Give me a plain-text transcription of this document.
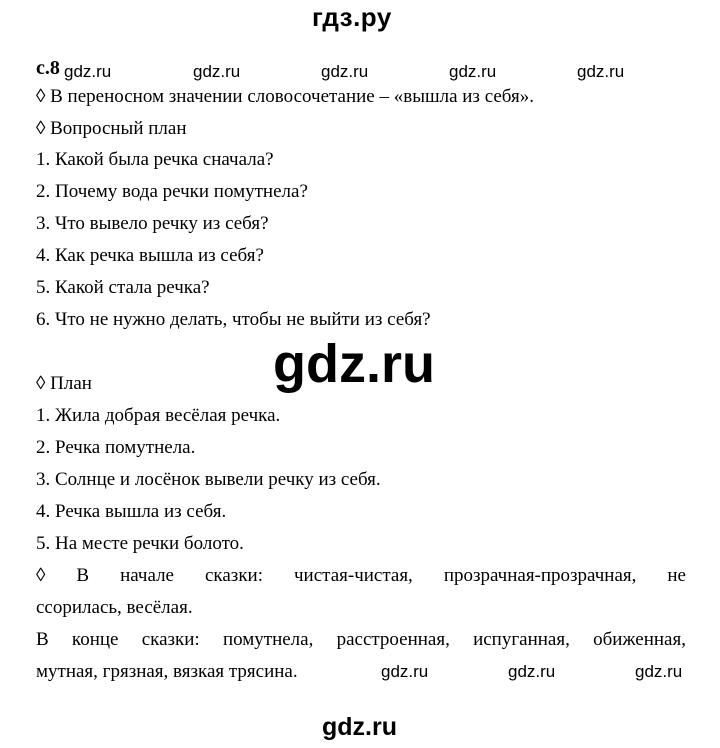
гдз.ру
с.8 gdz.ru	gdz.ru	gdz.ru	gdz.ru	gdz.ru
◊ В переносном значении словосочетание – «вышла из себя».
◊ Вопросный план
1. Какой была речка сначала?
2. Почему вода речки помутнела?
3. Что вывело речку из себя?
4. Как речка вышла из себя?
5. Какой стала речка?
6. Что не нужно делать, чтобы не выйти из себя?
gdz.ru
◊ План
1. Жила добрая весёлая речка.
2. Речка помутнела.
3. Солнце и лосёнок вывели речку из себя.
4. Речка вышла из себя.
5. На месте речки болото.
◊ В начале сказки: чистая-чистая, прозрачная-прозрачная, не
ссорилась, весёлая.
В конце сказки: помутнела, расстроенная, испуганная, обиженная,
мутная, грязная, вязкая трясина.	gdz.ru	gdz.ru	gdz.ru
gdz.ru
